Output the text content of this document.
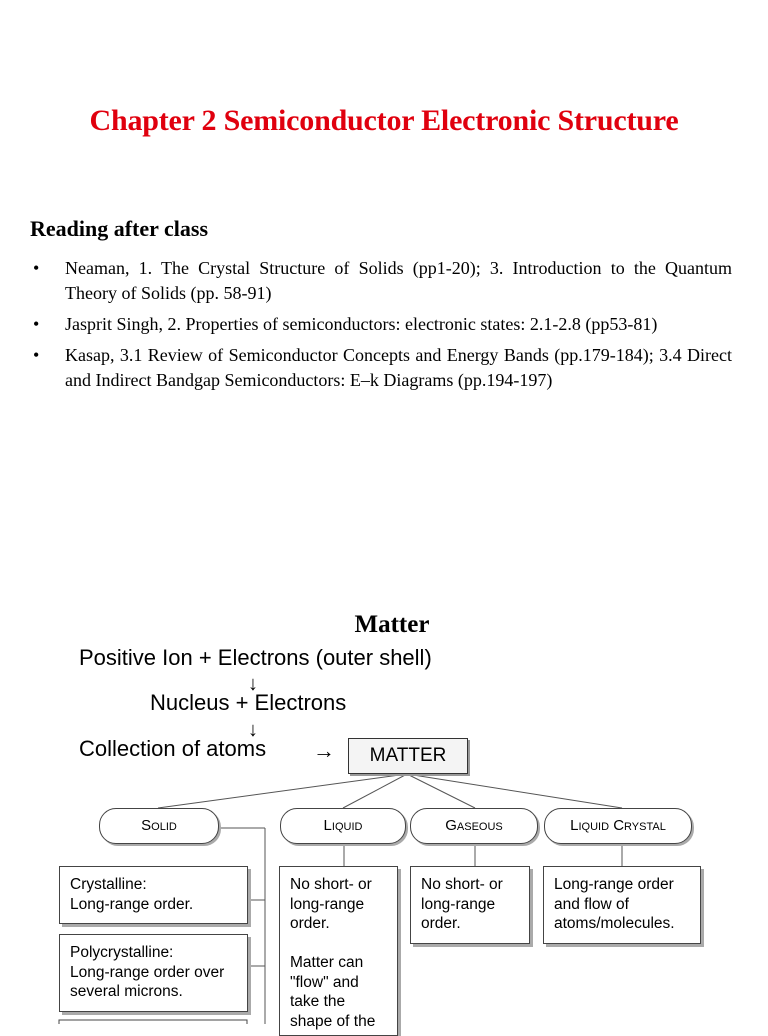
Chapter 2 Semiconductor Electronic Structure
Reading after class
• Neaman, 1. The Crystal Structure of Solids (pp1-20); 3. Introduction to the Quantum Theory of Solids (pp. 58-91)
• Jasprit Singh, 2. Properties of semiconductors: electronic states: 2.1-2.8 (pp53-81)
• Kasap, 3.1 Review of Semiconductor Concepts and Energy Bands (pp.179-184); 3.4 Direct and Indirect Bandgap Semiconductors: E–k Diagrams (pp.194-197)
Matter
Positive Ion + Electrons (outer shell)
↓
Nucleus + Electrons
↓
Collection of atoms →	MATTER
Solid	Liquid	Gaseous	Liquid Crystal
Crystalline:
Long-range order.
Polycrystalline:
Long-range order over
several microns.
No short- or
long-range
order.

Matter can
"flow" and
take the
shape of the
No short- or
long-range
order.
Long-range order
and flow of
atoms/molecules.
